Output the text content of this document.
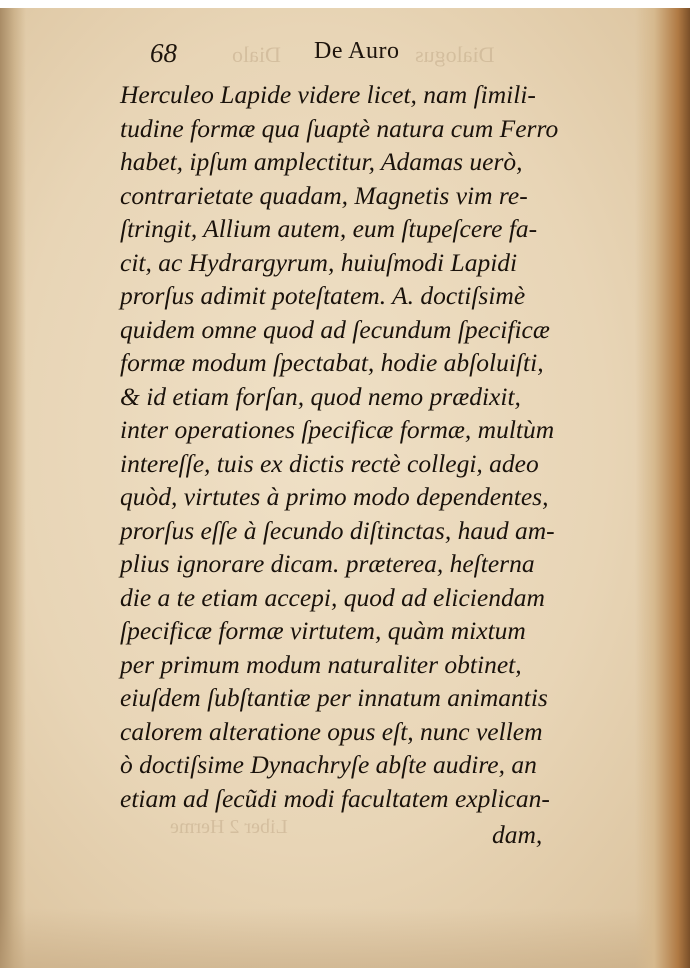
Dialo	Dialogus
Liber 2 Herme
68	De Auro
Herculeo Lapide videre licet, nam ſimili-
tudine formæ qua ſuaptè natura cum Ferro
habet, ipſum amplectitur, Adamas uerò,
contrarietate quadam, Magnetis vim re-
ſtringit, Allium autem, eum ſtupeſcere fa-
cit, ac Hydrargyrum, huiuſmodi Lapidi
prorſus adimit poteſtatem. A. doctiſsimè
quidem omne quod ad ſecundum ſpecificæ
formæ modum ſpectabat, hodie abſoluiſti,
& id etiam forſan, quod nemo prædixit,
inter operationes ſpecificæ formæ, multùm
intereſſe, tuis ex dictis rectè collegi, adeo
quòd, virtutes à primo modo dependentes,
prorſus eſſe à ſecundo diſtinctas, haud am-
plius ignorare dicam. præterea, heſterna
die a te etiam accepi, quod ad eliciendam
ſpecificæ formæ virtutem, quàm mixtum
per primum modum naturaliter obtinet,
eiuſdem ſubſtantiæ per innatum animantis
calorem alteratione opus eſt, nunc vellem
ò doctiſsime Dynachryſe abſte audire, an
etiam ad ſecũdi modi facultatem explican-
dam,
